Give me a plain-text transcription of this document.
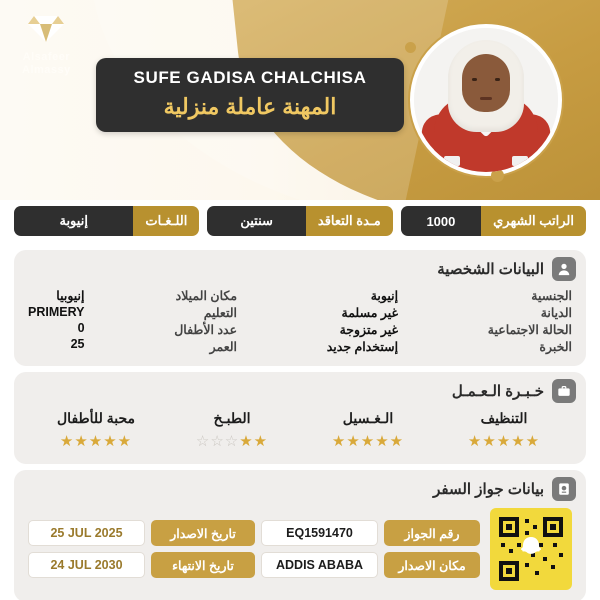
Alsafeer
Almassy	SUFE GADISA CHALCHISA
المهنة عاملة منزلية
الراتب الشهري
1000
مـدة التعاقد
سنتين
اللـغـات
إنيوبة
البيانات الشخصية
الجنسية
الديانة
الحالة الاجتماعية
الخبرة
إنيوبة
غير مسلمة
غير متزوجة
إستخدام جديد
مكان الميلاد
التعليم
عدد الأطفال
العمر
إنيوبيا
PRIMERY
0
25
خـبـرة الـعـمـل
التنظيف
★★★★★
الـغـسيل
★★★★★
الطبـخ
★★☆☆☆
محبة للأطفال
★★★★★
بيانات جواز السفر
رقم الجواز
EQ1591470
تاريخ الاصدار
25 JUL 2025
مكان الاصدار
ADDIS ABABA
تاريخ الانتهاء
24 JUL 2030
